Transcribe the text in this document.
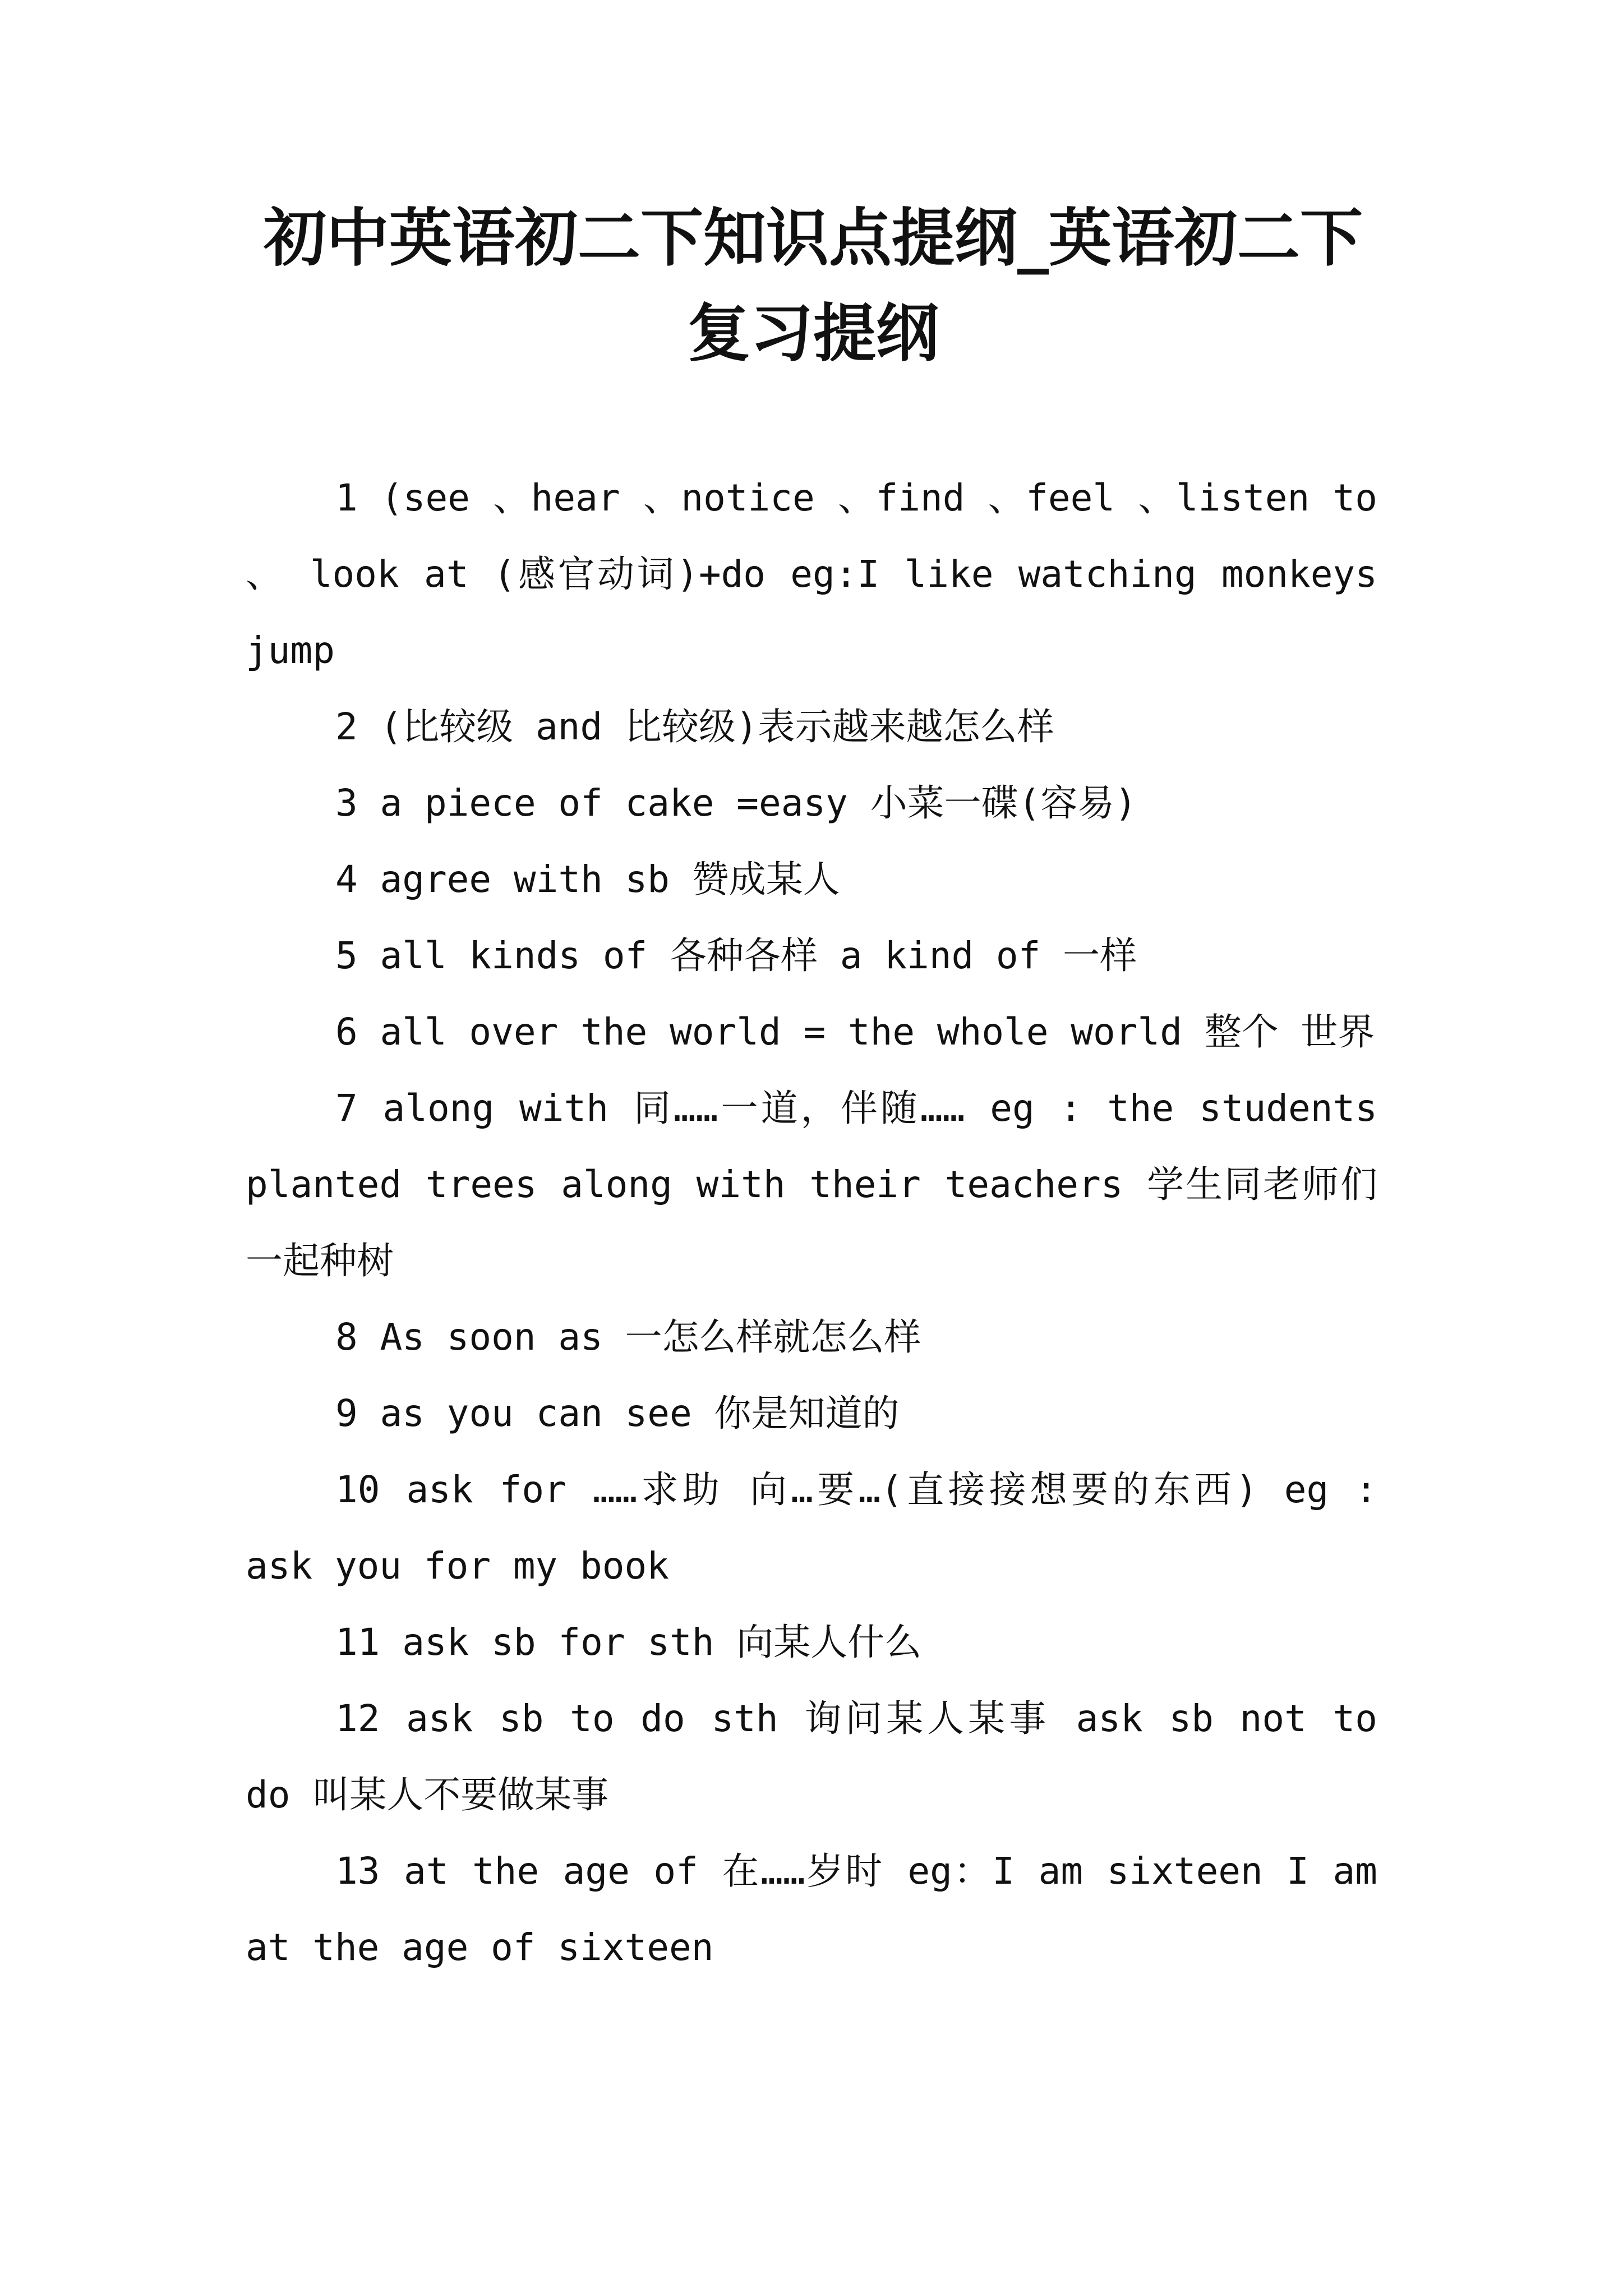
初中英语初二下知识点提纲_英语初二下复习提纲

1 (see 、hear 、notice 、find 、feel 、listen to 、 look at (感官动词)+do eg:I like watching monkeys jump

2 (比较级 and 比较级)表示越来越怎么样

3 a piece of cake =easy 小菜一碟(容易)

4 agree with sb 赞成某人

5 all kinds of 各种各样 a kind of 一样

6 all over the world = the whole world 整个 世界

7 along with 同……一道，伴随…… eg : the students planted trees along with their teachers 学生同老师们一起种树

8 As soon as 一怎么样就怎么样

9 as you can see 你是知道的

10 ask for ……求助 向…要…(直接接想要的东西) eg : ask you for my book

11 ask sb for sth 向某人什么

12 ask sb to do sth 询问某人某事 ask sb not to do 叫某人不要做某事

13 at the age of 在……岁时 eg：I am sixteen I am at the age of sixteen
